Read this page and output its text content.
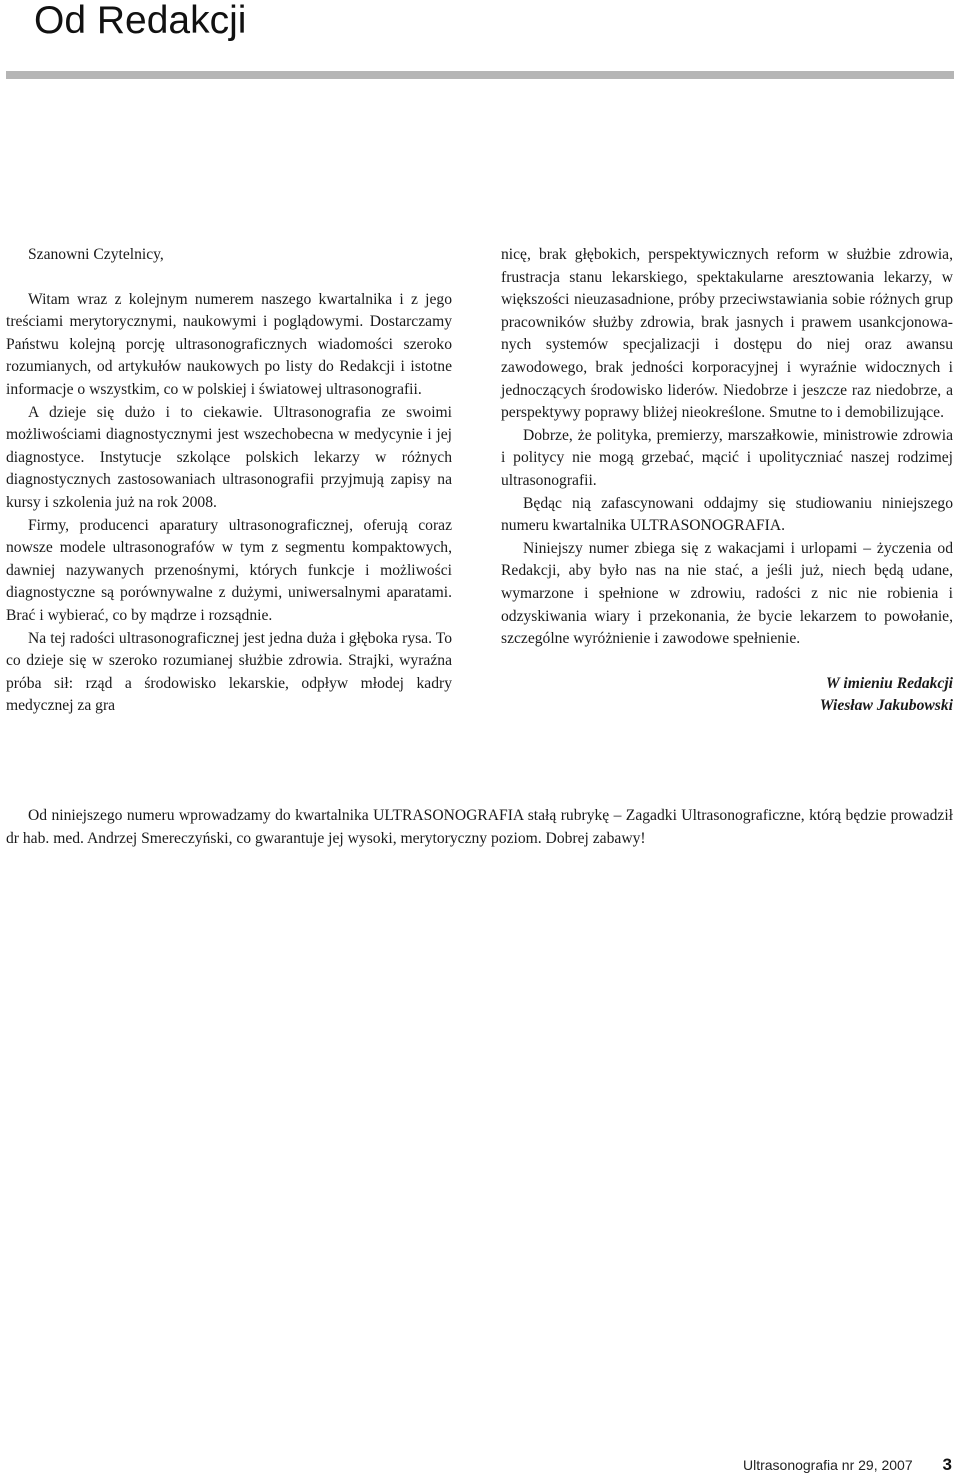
Od Redakcji

Szanowni Czytelnicy,

Witam wraz z kolejnym numerem naszego kwartalnika i z jego treściami merytorycznymi, naukowymi i poglądowymi. Dostarczamy Państwu kolejną porcję ultrasonograficznych wiadomości szeroko rozumianych, od artykułów naukowych po listy do Redakcji i istotne informacje o wszystkim, co w polskiej i światowej ultrasonografii.

A dzieje się dużo i to ciekawie. Ultrasonografia ze swoimi możliwościami diagnostycznymi jest wszechobecna w medycynie i jej diagnostyce. Instytucje szkolące polskich lekarzy w różnych diagnostycznych zastosowaniach ultrasonografii przyjmują zapisy na kursy i szkolenia już na rok 2008.

Firmy, producenci aparatury ultrasonograficznej, oferują coraz nowsze modele ultrasonografów w tym z segmentu kompaktowych, dawniej nazywanych przenośnymi, których funkcje i możliwości diagnostyczne są porównywalne z dużymi, uniwersalnymi aparatami. Brać i wybierać, co by mądrze i rozsądnie.

Na tej radości ultrasonograficznej jest jedna duża i głęboka rysa. To co dzieje się w szeroko rozumianej służbie zdrowia. Strajki, wyraźna próba sił: rząd a środowisko lekarskie, odpływ młodej kadry medycznej za gra

nicę, brak głębokich, perspektywicznych reform w służbie zdrowia, frustracja stanu lekarskiego, spektakularne aresztowania lekarzy, w większości nieuzasadnione, próby przeciwstawiania sobie różnych grup pracowników służby zdrowia, brak jasnych i prawem usankcjonowanych systemów specjalizacji i dostępu do niej oraz awansu zawodowego, brak jedności korporacyjnej i wyraźnie widocznych i jednoczących środowisko liderów. Niedobrze i jeszcze raz niedobrze, a perspektywy poprawy bliżej nieokreślone. Smutne to i demobilizujące.

Dobrze, że polityka, premierzy, marszałkowie, ministrowie zdrowia i politycy nie mogą grzebać, mącić i upolityczniać naszej rodzimej ultrasonografii.

Będąc nią zafascynowani oddajmy się studiowaniu niniejszego numeru kwartalnika ULTRASONOGRAFIA.

Niniejszy numer zbiega się z wakacjami i urlopami – życzenia od Redakcji, aby było nas na nie stać, a jeśli już, niech będą udane, wymarzone i spełnione w zdrowiu, radości z nic nie robienia i odzyskiwania wiary i przekonania, że bycie lekarzem to powołanie, szczególne wyróżnienie i zawodowe spełnienie.

W imieniu Redakcji
Wiesław Jakubowski

Od niniejszego numeru wprowadzamy do kwartalnika ULTRASONOGRAFIA stałą rubrykę – Zagadki Ultrasonograficzne, którą będzie prowadził dr hab. med. Andrzej Smereczyński, co gwarantuje jej wysoki, merytoryczny poziom. Dobrej zabawy!

Ultrasonografia nr 29, 2007 3
